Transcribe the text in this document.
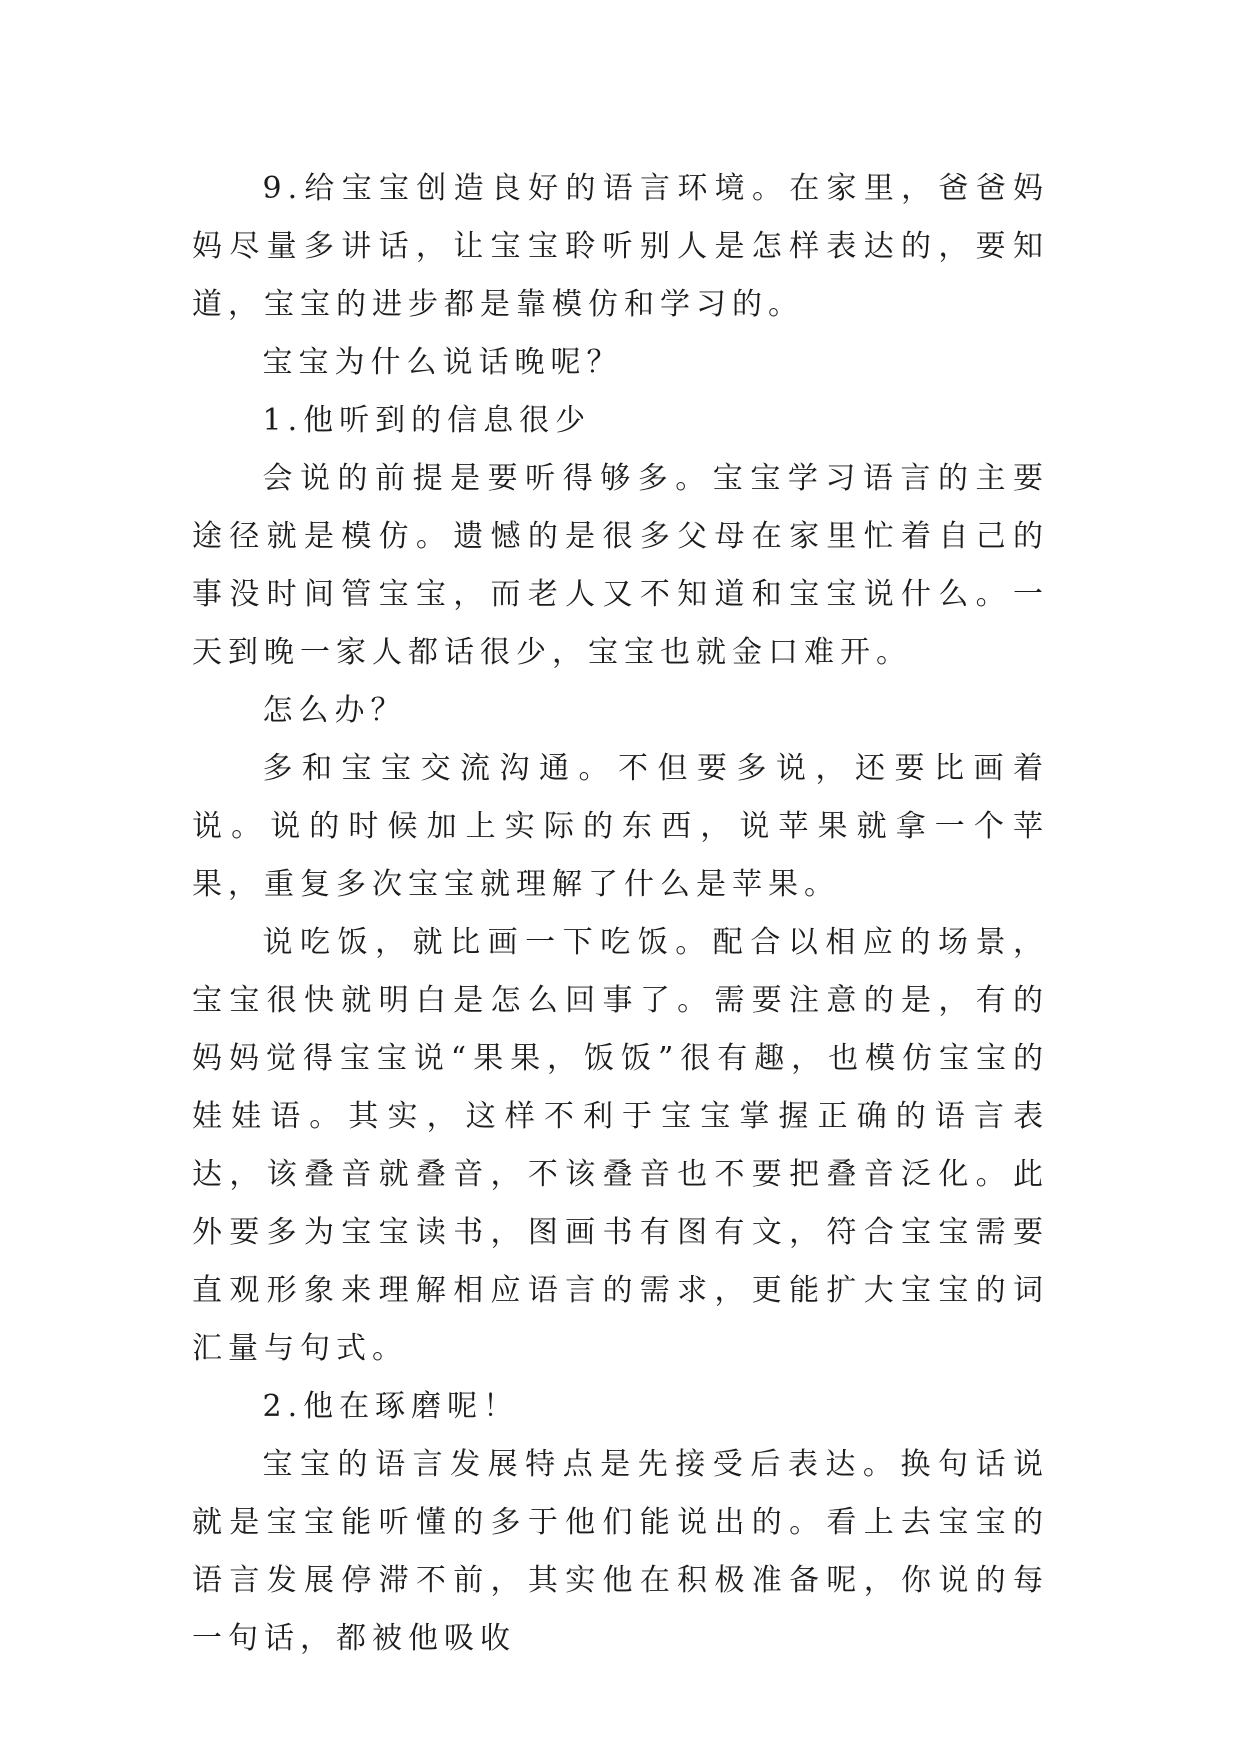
9.给宝宝创造良好的语言环境。在家里，爸爸妈妈尽量多讲话，让宝宝聆听别人是怎样表达的，要知道，宝宝的进步都是靠模仿和学习的。

宝宝为什么说话晚呢？

1.他听到的信息很少

会说的前提是要听得够多。宝宝学习语言的主要途径就是模仿。遗憾的是很多父母在家里忙着自己的事没时间管宝宝，而老人又不知道和宝宝说什么。一天到晚一家人都话很少，宝宝也就金口难开。

怎么办？

多和宝宝交流沟通。不但要多说，还要比画着说。说的时候加上实际的东西，说苹果就拿一个苹果，重复多次宝宝就理解了什么是苹果。

说吃饭，就比画一下吃饭。配合以相应的场景，宝宝很快就明白是怎么回事了。需要注意的是，有的妈妈觉得宝宝说“果果，饭饭”很有趣，也模仿宝宝的娃娃语。其实，这样不利于宝宝掌握正确的语言表达，该叠音就叠音，不该叠音也不要把叠音泛化。此外要多为宝宝读书，图画书有图有文，符合宝宝需要直观形象来理解相应语言的需求，更能扩大宝宝的词汇量与句式。

2.他在琢磨呢！

宝宝的语言发展特点是先接受后表达。换句话说就是宝宝能听懂的多于他们能说出的。看上去宝宝的语言发展停滞不前，其实他在积极准备呢，你说的每一句话，都被他吸收
